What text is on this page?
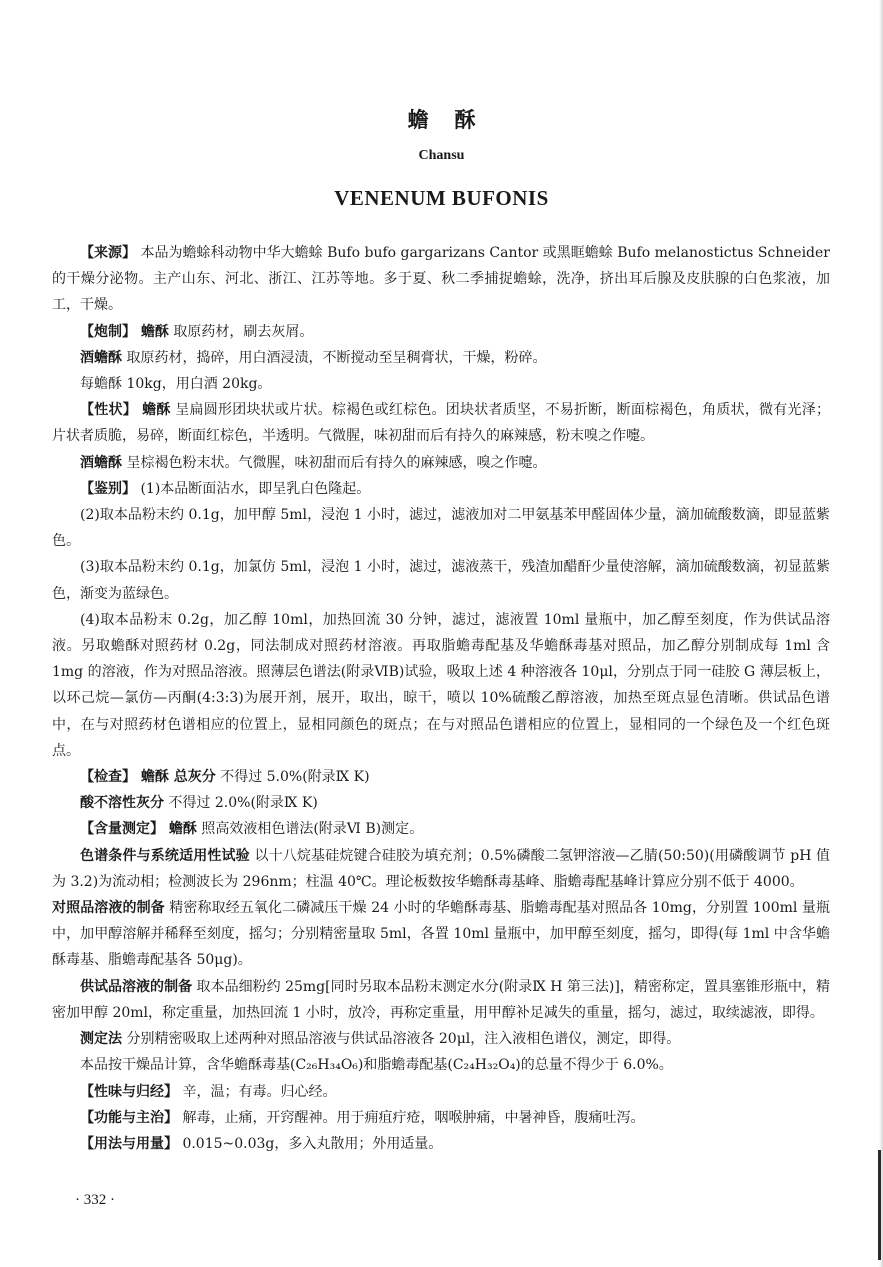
蟾酥
Chansu
VENENUM BUFONIS

【来源】 本品为蟾蜍科动物中华大蟾蜍 Bufo bufo gargarizans Cantor 或黑眶蟾蜍 Bufo melanostictus Schneider 的干燥分泌物。主产山东、河北、浙江、江苏等地。多于夏、秋二季捕捉蟾蜍，洗净，挤出耳后腺及皮肤腺的白色浆液，加工，干燥。

【炮制】 蟾酥 取原药材，刷去灰屑。

酒蟾酥 取原药材，捣碎，用白酒浸渍，不断搅动至呈稠膏状，干燥，粉碎。

每蟾酥 10kg，用白酒 20kg。

【性状】 蟾酥 呈扁圆形团块状或片状。棕褐色或红棕色。团块状者质坚，不易折断，断面棕褐色，角质状，微有光泽；片状者质脆，易碎，断面红棕色，半透明。气微腥，味初甜而后有持久的麻辣感，粉末嗅之作嚏。

酒蟾酥 呈棕褐色粉末状。气微腥，味初甜而后有持久的麻辣感，嗅之作嚏。

【鉴别】 (1)本品断面沾水，即呈乳白色隆起。

(2)取本品粉末约 0.1g，加甲醇 5ml，浸泡 1 小时，滤过，滤液加对二甲氨基苯甲醛固体少量，滴加硫酸数滴，即显蓝紫色。

(3)取本品粉末约 0.1g，加氯仿 5ml，浸泡 1 小时，滤过，滤液蒸干，残渣加醋酐少量使溶解，滴加硫酸数滴，初显蓝紫色，渐变为蓝绿色。

(4)取本品粉末 0.2g，加乙醇 10ml，加热回流 30 分钟，滤过，滤液置 10ml 量瓶中，加乙醇至刻度，作为供试品溶液。另取蟾酥对照药材 0.2g，同法制成对照药材溶液。再取脂蟾毒配基及华蟾酥毒基对照品，加乙醇分别制成每 1ml 含 1mg 的溶液，作为对照品溶液。照薄层色谱法(附录ⅥB)试验，吸取上述 4 种溶液各 10μl，分别点于同一硅胶 G 薄层板上，以环己烷—氯仿—丙酮(4:3:3)为展开剂，展开，取出，晾干，喷以 10%硫酸乙醇溶液，加热至斑点显色清晰。供试品色谱中，在与对照药材色谱相应的位置上，显相同颜色的斑点；在与对照品色谱相应的位置上，显相同的一个绿色及一个红色斑点。

【检查】 蟾酥 总灰分 不得过 5.0%(附录Ⅸ K)

酸不溶性灰分 不得过 2.0%(附录Ⅸ K)

【含量测定】 蟾酥 照高效液相色谱法(附录Ⅵ B)测定。

色谱条件与系统适用性试验 以十八烷基硅烷键合硅胶为填充剂；0.5%磷酸二氢钾溶液—乙腈(50:50)(用磷酸调节 pH 值为 3.2)为流动相；检测波长为 296nm；柱温 40℃。理论板数按华蟾酥毒基峰、脂蟾毒配基峰计算应分别不低于 4000。

对照品溶液的制备 精密称取经五氧化二磷减压干燥 24 小时的华蟾酥毒基、脂蟾毒配基对照品各 10mg，分别置 100ml 量瓶中，加甲醇溶解并稀释至刻度，摇匀；分别精密量取 5ml，各置 10ml 量瓶中，加甲醇至刻度，摇匀，即得(每 1ml 中含华蟾酥毒基、脂蟾毒配基各 50μg)。

供试品溶液的制备 取本品细粉约 25mg[同时另取本品粉末测定水分(附录Ⅸ H 第三法)]，精密称定，置具塞锥形瓶中，精密加甲醇 20ml，称定重量，加热回流 1 小时，放冷，再称定重量，用甲醇补足减失的重量，摇匀，滤过，取续滤液，即得。

测定法 分别精密吸取上述两种对照品溶液与供试品溶液各 20μl，注入液相色谱仪，测定，即得。

本品按干燥品计算，含华蟾酥毒基(C₂₆H₃₄O₆)和脂蟾毒配基(C₂₄H₃₂O₄)的总量不得少于 6.0%。

【性味与归经】 辛，温；有毒。归心经。

【功能与主治】 解毒，止痛，开窍醒神。用于痈疽疔疮，咽喉肿痛，中暑神昏，腹痛吐泻。

【用法与用量】 0.015~0.03g，多入丸散用；外用适量。

· 332 ·
